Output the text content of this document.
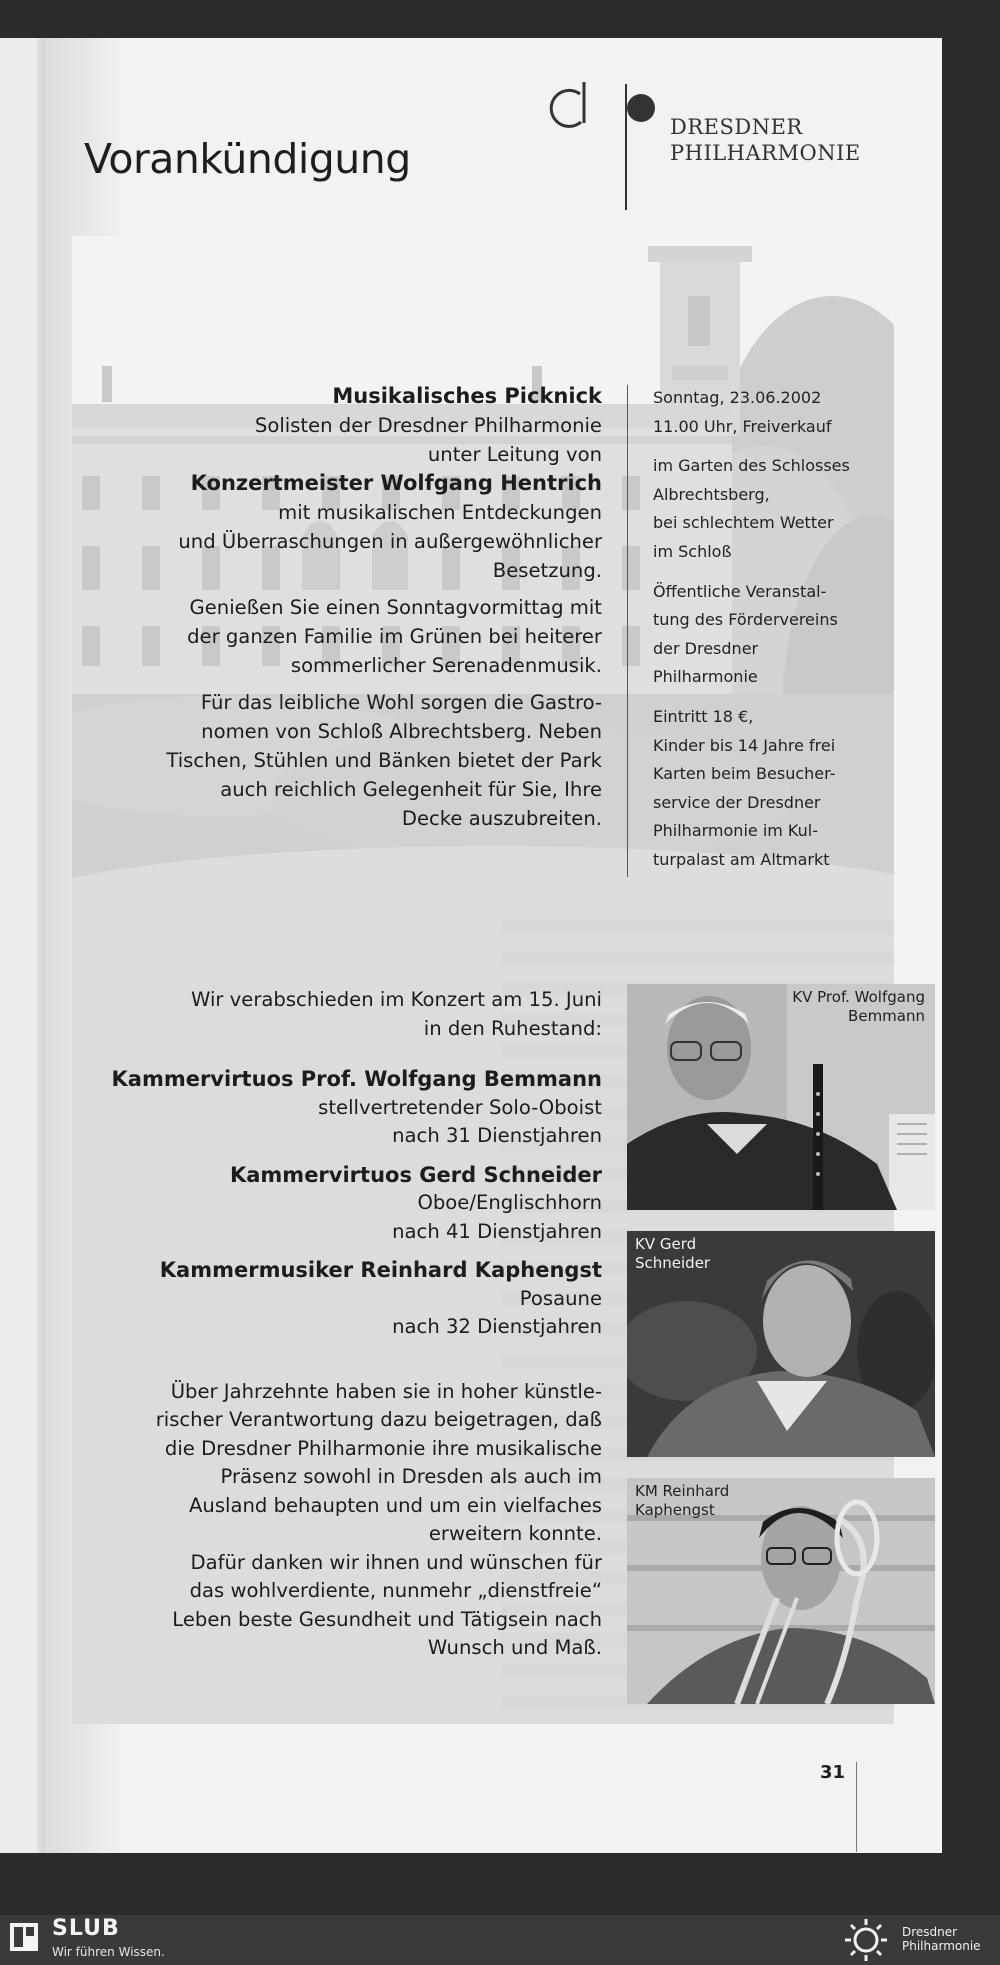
Vorankündigung
DRESDNER PHILHARMONIE

Musikalisches Picknick

Solisten der Dresdner Philharmonie

unter Leitung von

Konzertmeister Wolfgang Hentrich

mit musikalischen Entdeckungen

und Überraschungen in außergewöhnlicher

Besetzung.

Genießen Sie einen Sonntagvormittag mit

der ganzen Familie im Grünen bei heiterer

sommerlicher Serenadenmusik.

Für das leibliche Wohl sorgen die Gastro-

nomen von Schloß Albrechtsberg. Neben

Tischen, Stühlen und Bänken bietet der Park

auch reichlich Gelegenheit für Sie, Ihre

Decke auszubreiten.

Sonntag, 23.06.2002
11.00 Uhr, Freiverkauf

im Garten des Schlosses
Albrechtsberg,
bei schlechtem Wetter
im Schloß

Öffentliche Veranstal-
tung des Fördervereins
der Dresdner
Philharmonie

Eintritt 18 €,
Kinder bis 14 Jahre frei
Karten beim Besucher-
service der Dresdner
Philharmonie im Kul-
turpalast am Altmarkt

Wir verabschieden im Konzert am 15. Juni

in den Ruhestand:

Kammervirtuos Prof. Wolfgang Bemmann

stellvertretender Solo-Oboist

nach 31 Dienstjahren

Kammervirtuos Gerd Schneider

Oboe/Englischhorn

nach 41 Dienstjahren

Kammermusiker Reinhard Kaphengst

Posaune

nach 32 Dienstjahren

Über Jahrzehnte haben sie in hoher künstle-

rischer Verantwortung dazu beigetragen, daß

die Dresdner Philharmonie ihre musikalische

Präsenz sowohl in Dresden als auch im

Ausland behaupten und um ein vielfaches

erweitern konnte.

Dafür danken wir ihnen und wünschen für

das wohlverdiente, nunmehr „dienstfreie“

Leben beste Gesundheit und Tätigsein nach

Wunsch und Maß.

KV Prof. Wolfgang
Bemmann
KV Gerd
Schneider
KM Reinhard
Kaphengst
31
SLUB
Wir führen Wissen.
Dresdner
Philharmonie
